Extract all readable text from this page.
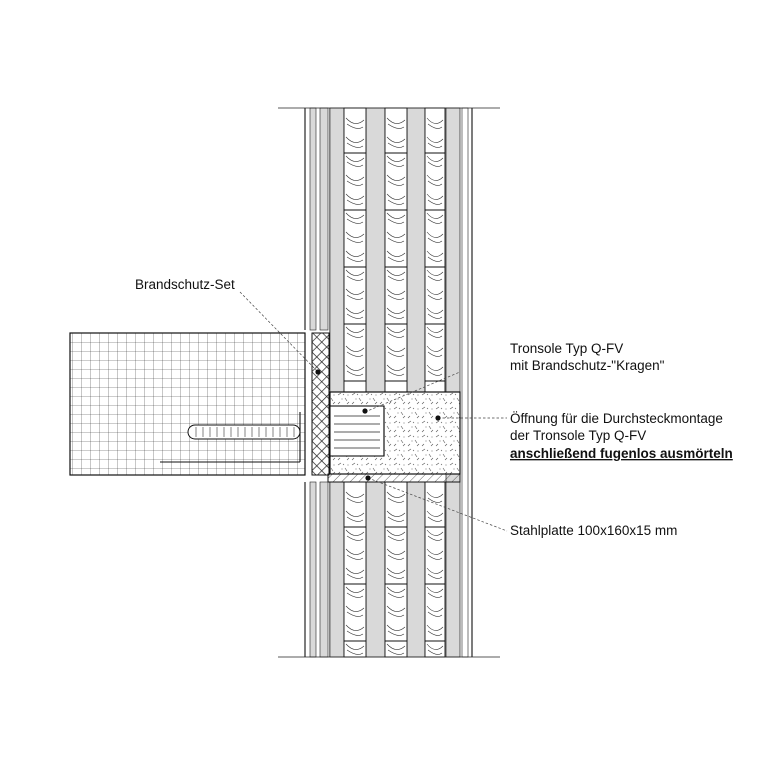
Brandschutz-Set
Tronsole Typ Q-FV
mit Brandschutz-"Kragen"
Öffnung für die Durchsteckmontage
der Tronsole Typ Q-FV
anschließend fugenlos ausmörteln
Stahlplatte 100x160x15 mm
